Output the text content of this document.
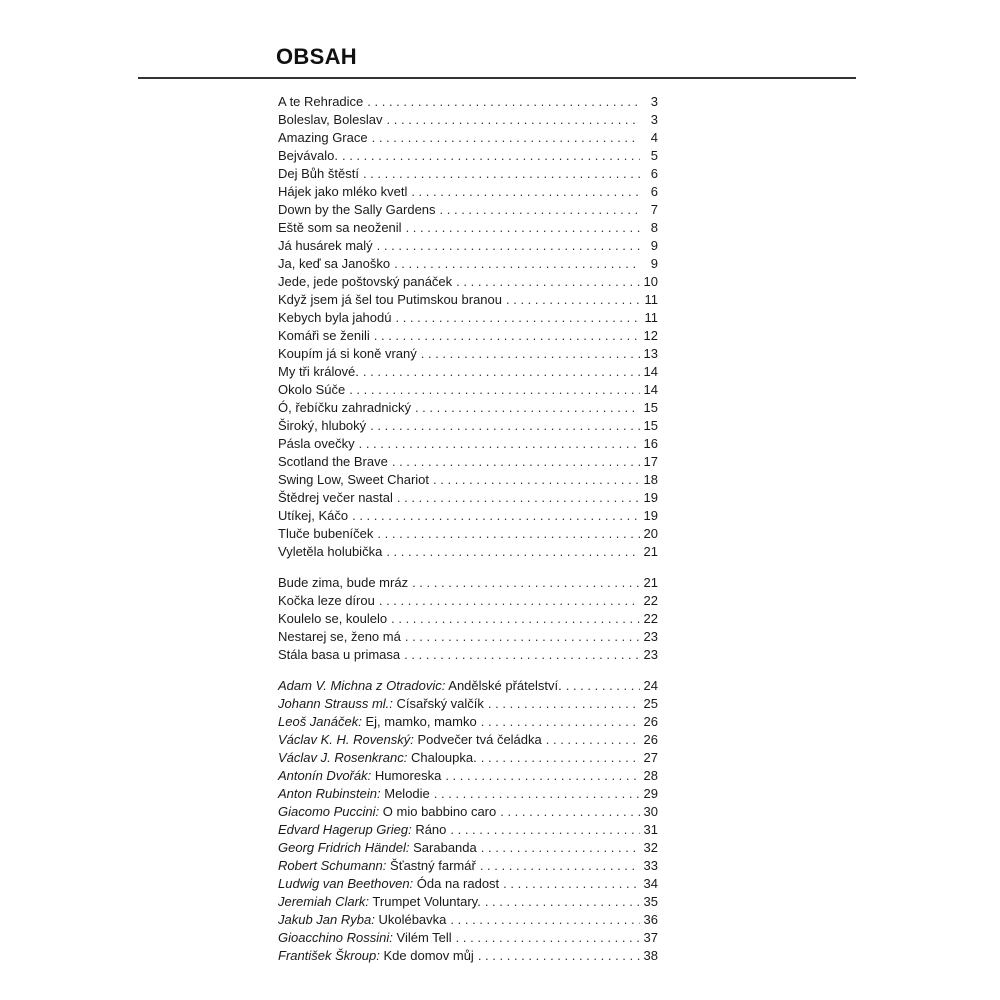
OBSAH
A te Rehradice . . .	3
Boleslav, Boleslav . . .	3
Amazing Grace . . .	4
Bejvávalo. . . .	5
Dej Bůh štěstí . . .	6
Hájek jako mléko kvetl . . .	6
Down by the Sally Gardens . . .	7
Eště som sa neoženil . . .	8
Já husárek malý . . .	9
Ja, keď sa Janoško . . .	9
Jede, jede poštovský panáček . . .	10
Když jsem já šel tou Putimskou branou . . .	11
Kebych byla jahodú . . .	11
Komáři se ženili . . .	12
Koupím já si koně vraný . . .	13
My tři králové. . . .	14
Okolo Súče . . .	14
Ó, řebíčku zahradnický . . .	15
Široký, hluboký . . .	15
Pásla ovečky . . .	16
Scotland the Brave . . .	17
Swing Low, Sweet Chariot . . .	18
Štědrej večer nastal . . .	19
Utíkej, Káčo . . .	19
Tluče bubeníček . . .	20
Vyletěla holubička . . .	21
Bude zima, bude mráz . . .	21
Kočka leze dírou . . .	22
Koulelo se, koulelo . . .	22
Nestarej se, ženo má . . .	23
Stála basa u primasa . . .	23
Adam V. Michna z Otradovic: Andělské přátelství. . . .	24
Johann Strauss ml.: Císařský valčík . . .	25
Leoš Janáček: Ej, mamko, mamko . . .	26
Václav K. H. Rovenský: Podvečer tvá čeládka . . .	26
Václav J. Rosenkranc: Chaloupka. . . .	27
Antonín Dvořák: Humoreska . . .	28
Anton Rubinstein: Melodie . . .	29
Giacomo Puccini: O mio babbino caro . . .	30
Edvard Hagerup Grieg: Ráno . . .	31
Georg Fridrich Händel: Sarabanda . . .	32
Robert Schumann: Šťastný farmář . . .	33
Ludwig van Beethoven: Óda na radost . . .	34
Jeremiah Clark: Trumpet Voluntary. . . .	35
Jakub Jan Ryba: Ukolébavka . . .	36
Gioacchino Rossini: Vilém Tell . . .	37
František Škroup: Kde domov můj . . .	38
